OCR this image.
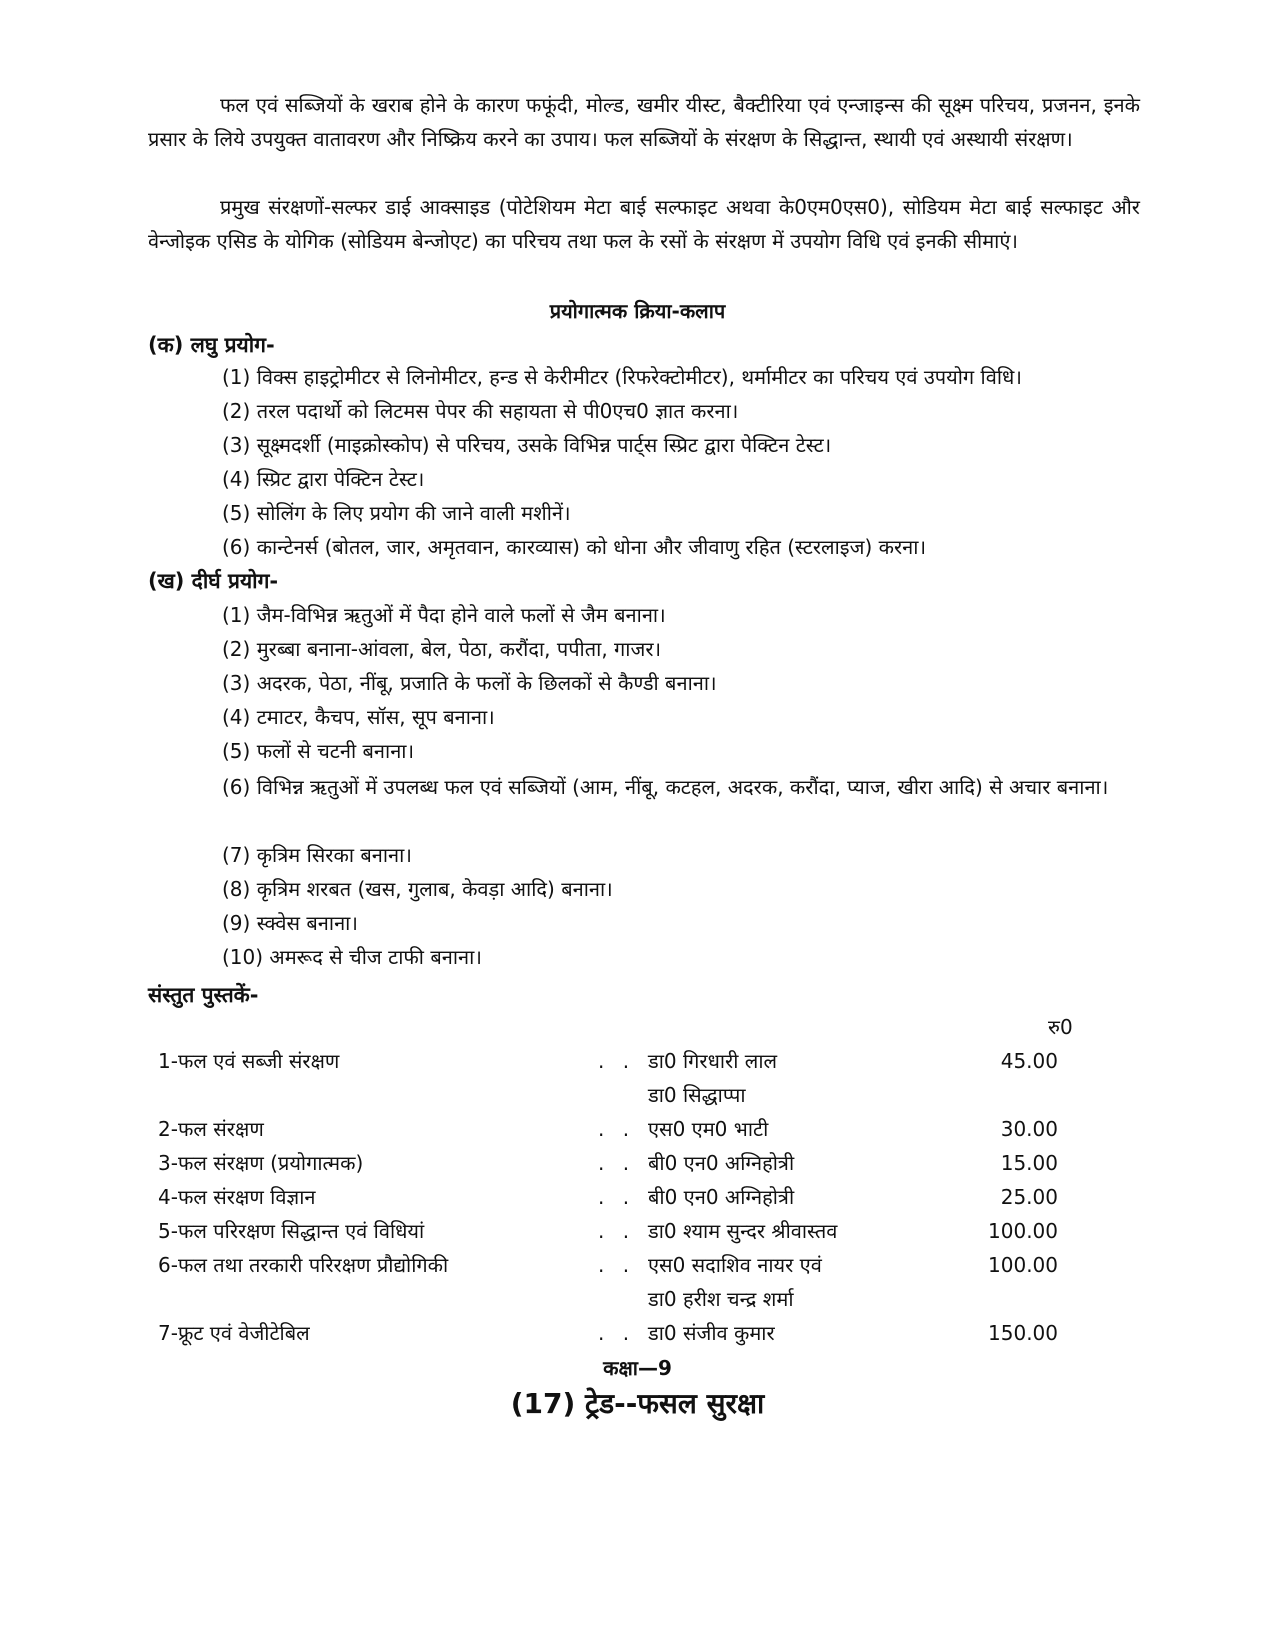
फल एवं सब्जियों के खराब होने के कारण फफूंदी, मोल्ड, खमीर यीस्ट, बैक्टीरिया एवं एन्जाइन्स की सूक्ष्म परिचय, प्रजनन, इनके प्रसार के लिये उपयुक्त वातावरण और निष्क्रिय करने का उपाय। फल सब्जियों के संरक्षण के सिद्धान्त, स्थायी एवं अस्थायी संरक्षण।

प्रमुख संरक्षणों-सल्फर डाई आक्साइड (पोटेशियम मेटा बाई सल्फाइट अथवा के0एम0एस0), सोडियम मेटा बाई सल्फाइट और वेन्जोइक एसिड के योगिक (सोडियम बेन्जोएट) का परिचय तथा फल के रसों के संरक्षण में उपयोग विधि एवं इनकी सीमाएं।

प्रयोगात्मक क्रिया-कलाप
(क) लघु प्रयोग-
(1) विक्स हाइट्रोमीटर से लिनोमीटर, हन्ड से केरीमीटर (रिफरेक्टोमीटर), थर्मामीटर का परिचय एवं उपयोग विधि।
(2) तरल पदार्थो को लिटमस पेपर की सहायता से पी0एच0 ज्ञात करना।
(3) सूक्ष्मदर्शी (माइक्रोस्कोप) से परिचय, उसके विभिन्न पार्ट्स स्प्रिट द्वारा पेक्टिन टेस्ट।
(4) स्प्रिट द्वारा पेक्टिन टेस्ट।
(5) सोलिंग के लिए प्रयोग की जाने वाली मशीनें।
(6) कान्टेनर्स (बोतल, जार, अमृतवान, कारव्यास) को धोना और जीवाणु रहित (स्टरलाइज) करना।
(ख) दीर्घ प्रयोग-
(1) जैम-विभिन्न ऋतुओं में पैदा होने वाले फलों से जैम बनाना।
(2) मुरब्बा बनाना-आंवला, बेल, पेठा, करौंदा, पपीता, गाजर।
(3) अदरक, पेठा, नींबू, प्रजाति के फलों के छिलकों से कैण्डी बनाना।
(4) टमाटर, कैचप, सॉस, सूप बनाना।
(5) फलों से चटनी बनाना।
(6) विभिन्न ऋतुओं में उपलब्ध फल एवं सब्जियों (आम, नींबू, कटहल, अदरक, करौंदा, प्याज, खीरा आदि) से अचार बनाना।
(7) कृत्रिम सिरका बनाना।
(8) कृत्रिम शरबत (खस, गुलाब, केवड़ा आदि) बनाना।
(9) स्क्वेस बनाना।
(10) अमरूद से चीज टाफी बनाना।
संस्तुत पुस्तकें-
रु0
1-फल एवं सब्जी संरक्षण	. . डा0 गिरधारी लाल	45.00
डा0 सिद्धाप्पा
2-फल संरक्षण	. . एस0 एम0 भाटी	30.00
3-फल संरक्षण (प्रयोगात्मक)	. . बी0 एन0 अग्निहोत्री	15.00
4-फल संरक्षण विज्ञान	. . बी0 एन0 अग्निहोत्री	25.00
5-फल परिरक्षण सिद्धान्त एवं विधियां	. . डा0 श्याम सुन्दर श्रीवास्तव	100.00
6-फल तथा तरकारी परिरक्षण प्रौद्योगिकी	. . एस0 सदाशिव नायर एवं	100.00
डा0 हरीश चन्द्र शर्मा
7-फ्रूट एवं वेजीटेबिल	. . डा0 संजीव कुमार	150.00
कक्षा—9
(17) ट्रेड--फसल सुरक्षा
